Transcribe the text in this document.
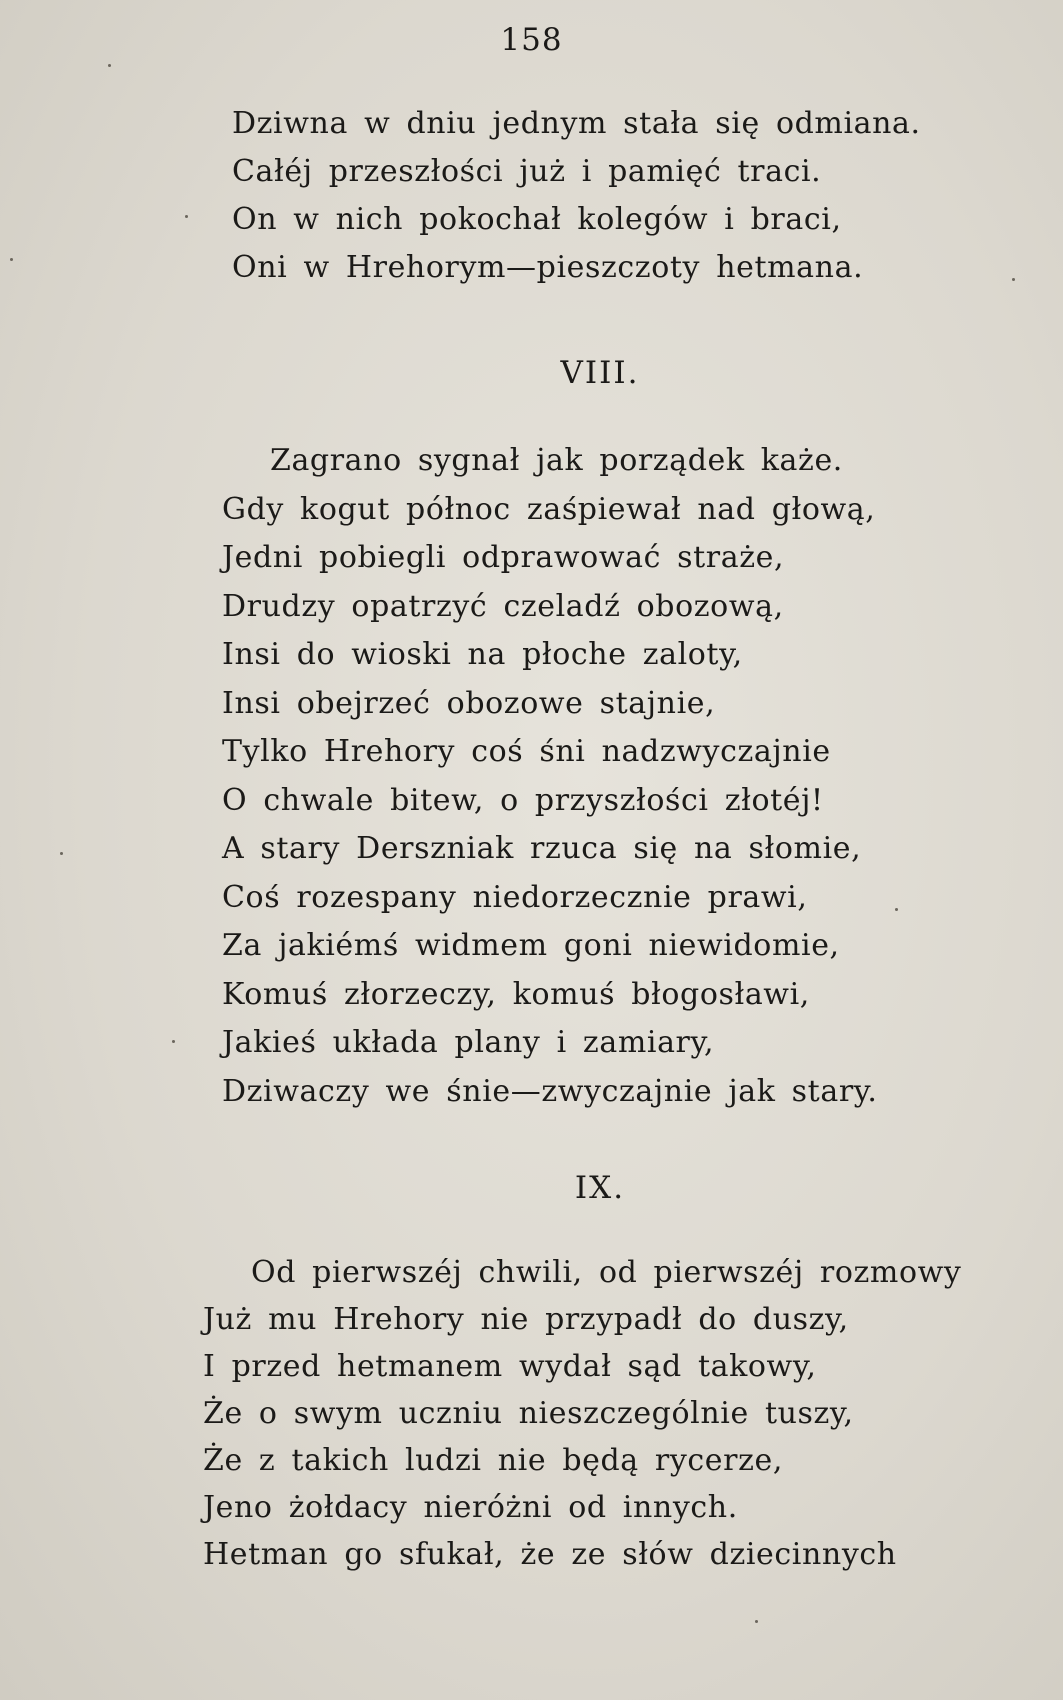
158
Dziwna w dniu jednym stała się odmiana.
Całéj przeszłości już i pamięć traci.
On w nich pokochał kolegów i braci,
Oni w Hrehorym—pieszczoty hetmana.
VIII.
Zagrano sygnał jak porządek każe.
Gdy kogut północ zaśpiewał nad głową,
Jedni pobiegli odprawować straże,
Drudzy opatrzyć czeladź obozową,
Insi do wioski na płoche zaloty,
Insi obejrzeć obozowe stajnie,
Tylko Hrehory coś śni nadzwyczajnie
O chwale bitew, o przyszłości złotéj!
A stary Derszniak rzuca się na słomie,
Coś rozespany niedorzecznie prawi,
Za jakiémś widmem goni niewidomie,
Komuś złorzeczy, komuś błogosławi,
Jakieś układa plany i zamiary,
Dziwaczy we śnie—zwyczajnie jak stary.
IX.
Od pierwszéj chwili, od pierwszéj rozmowy
Już mu Hrehory nie przypadł do duszy,
I przed hetmanem wydał sąd takowy,
Że o swym uczniu nieszczególnie tuszy,
Że z takich ludzi nie będą rycerze,
Jeno żołdacy nieróżni od innych.
Hetman go sfukał, że ze słów dziecinnych
